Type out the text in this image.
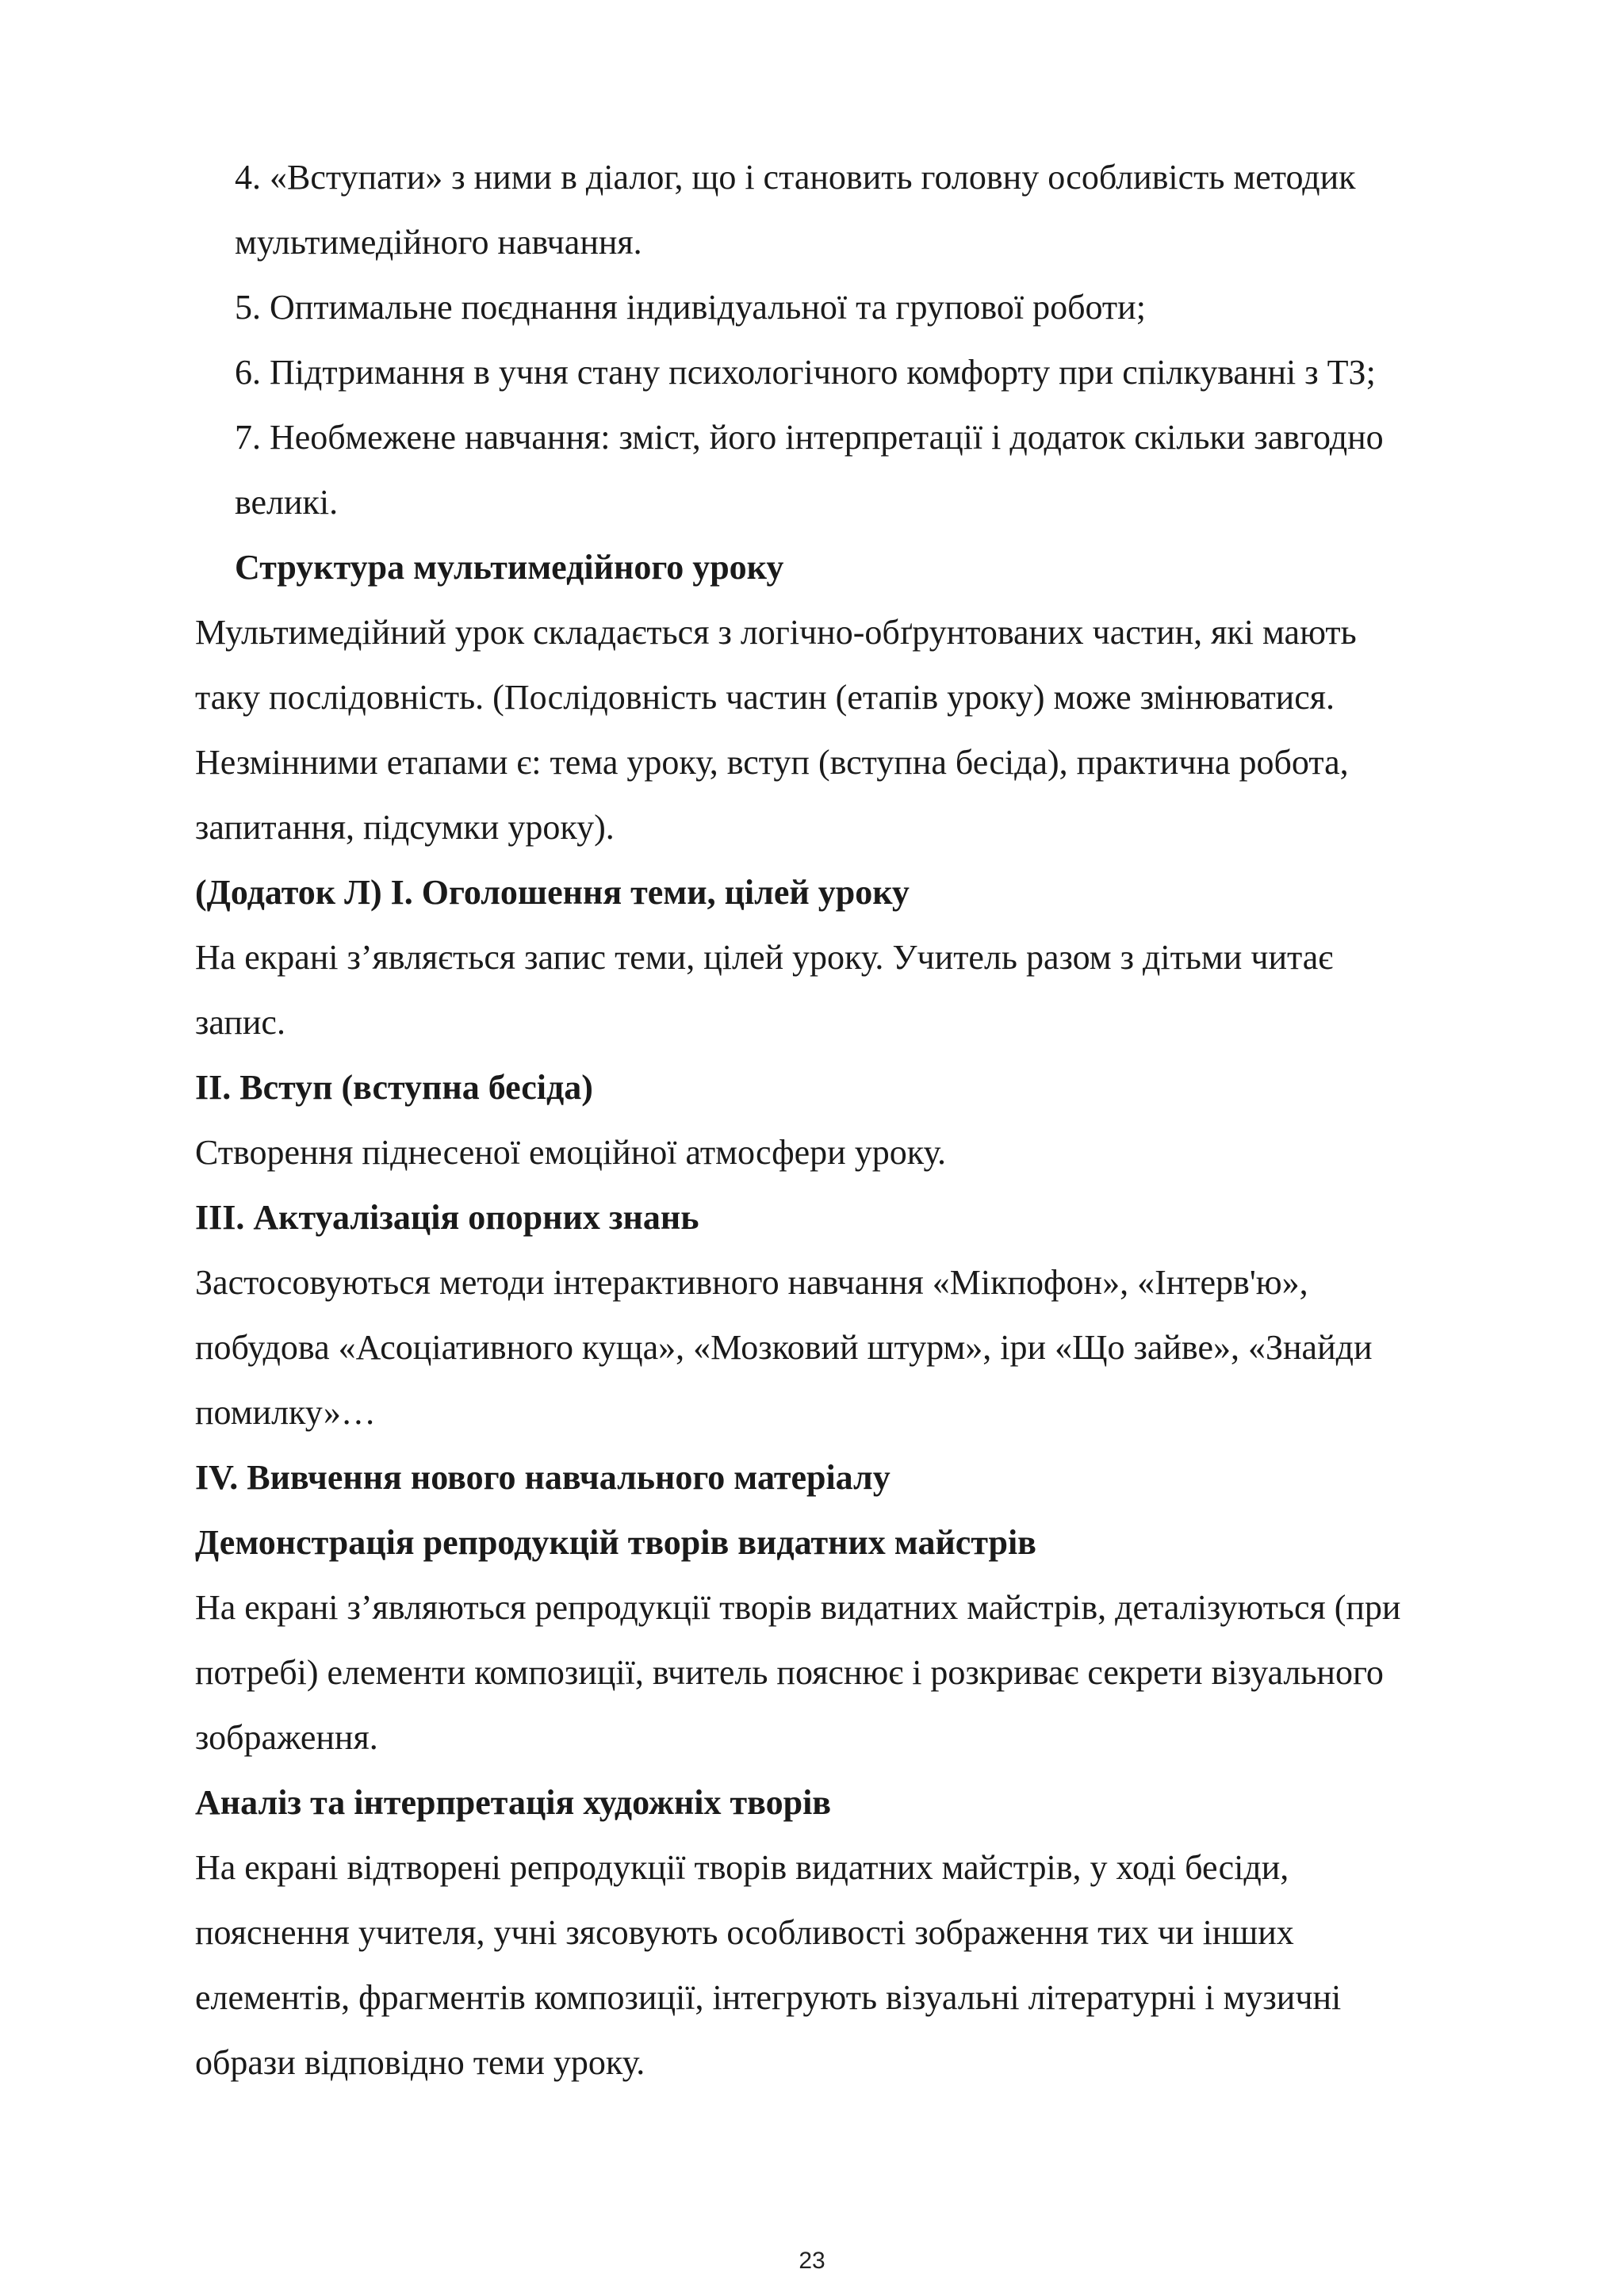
4. «Вступати» з ними в діалог, що і становить головну особливість методик
мультимедійного навчання.
5. Оптимальне поєднання індивідуальної та групової роботи;
6. Підтримання в учня стану психологічного комфорту при спілкуванні з ТЗ;
7. Необмежене навчання: зміст, його інтерпретації і додаток скільки завгодно
великі.
Структура мультимедійного уроку
Мультимедійний урок складається з логічно-обґрунтованих частин, які мають
таку послідовність. (Послідовність частин (етапів уроку) може змінюватися.
Незмінними етапами є: тема уроку, вступ (вступна бесіда), практична робота,
запитання, підсумки уроку).
(Додаток Л) І. Оголошення теми, цілей уроку
На екрані з’являється запис теми, цілей уроку. Учитель разом з дітьми читає
запис.
ІІ. Вступ (вступна бесіда)
Створення піднесеної емоційної атмосфери уроку.
ІІІ. Актуалізація опорних знань
Застосовуються методи інтерактивного навчання «Мікпофон», «Інтерв'ю»,
побудова «Асоціативного куща», «Мозковий штурм», іри «Що зайве», «Знайди
помилку»…
IV. Вивчення нового навчального матеріалу
Демонстрація репродукцій творів видатних майстрів
На екрані з’являються репродукції творів видатних майстрів, деталізуються (при
потребі) елементи композиції, вчитель пояснює і розкриває секрети візуального
зображення.
Аналіз та інтерпретація художніх творів
На екрані відтворені репродукції творів видатних майстрів, у ході бесіди,
пояснення учителя, учні зясовують особливості зображення тих чи інших
елементів, фрагментів композиції, інтегрують візуальні літературні і музичні
образи відповідно теми уроку.
23
